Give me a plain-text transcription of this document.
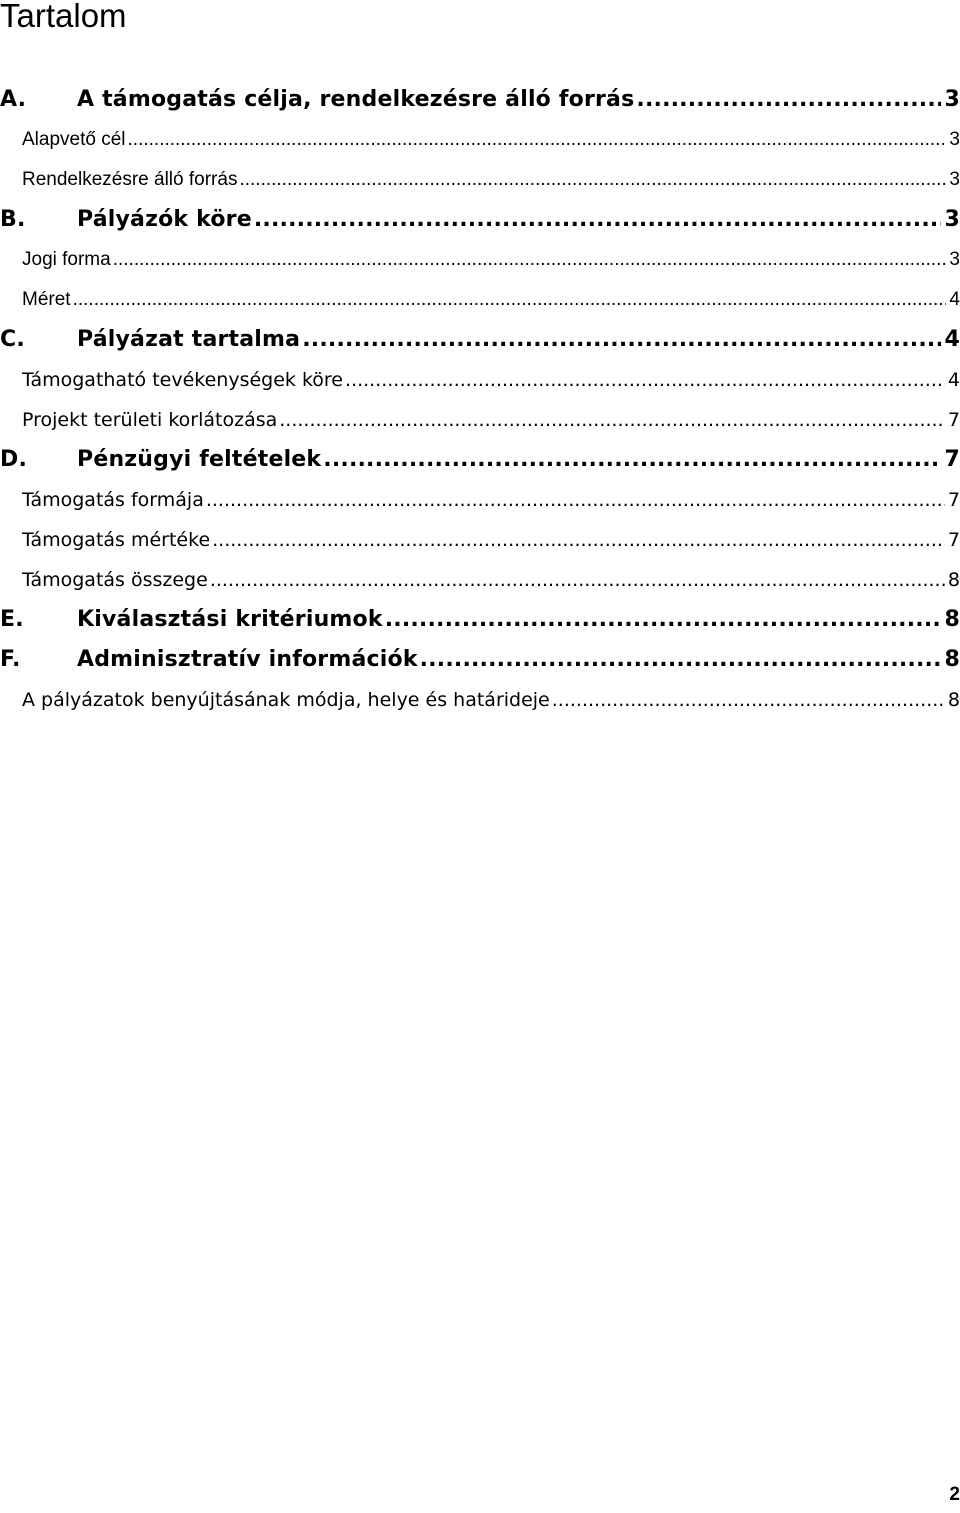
Tartalom
A.	A támogatás célja, rendelkezésre álló forrás .....	3
Alapvető cél .....	3
Rendelkezésre álló forrás .....	3
B.	Pályázók köre .....	3
Jogi forma .....	3
Méret .....	4
C.	Pályázat tartalma .....	4
Támogatható tevékenységek köre .....	4
Projekt területi korlátozása .....	7
D.	Pénzügyi feltételek .....	7
Támogatás formája .....	7
Támogatás mértéke .....	7
Támogatás összege .....	8
E.	Kiválasztási kritériumok .....	8
F.	Adminisztratív információk .....	8
A pályázatok benyújtásának módja, helye és határideje .....	8
2
